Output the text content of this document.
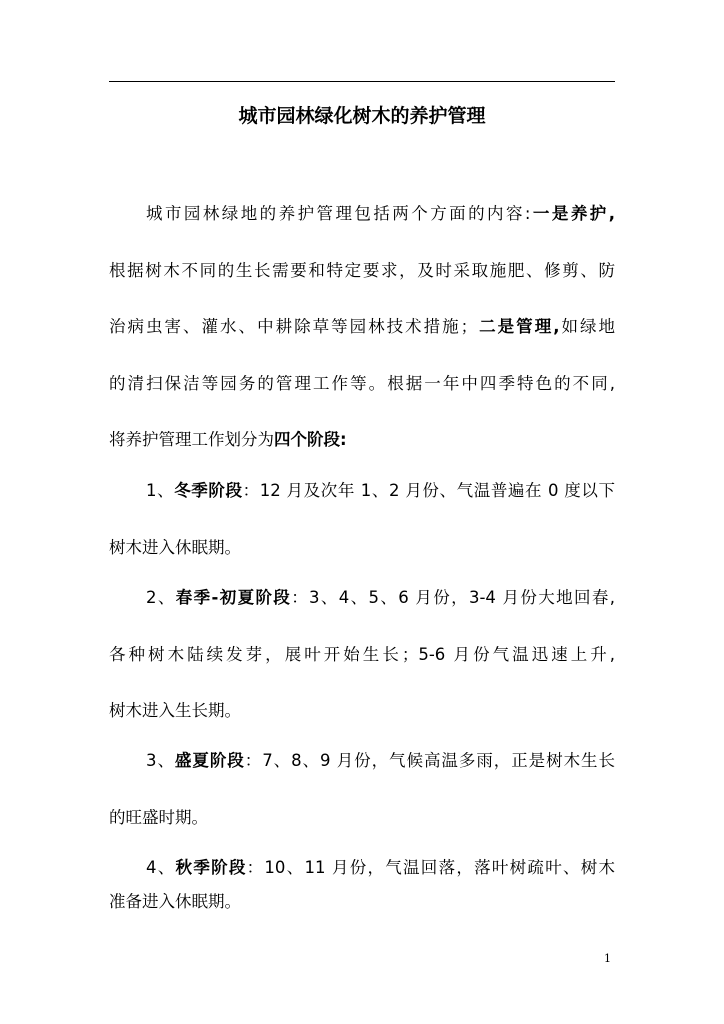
城市园林绿化树木的养护管理
城市园林绿地的养护管理包括两个方面的内容:一是养护,
根据树木不同的生长需要和特定要求，及时采取施肥、修剪、防
治病虫害、灌水、中耕除草等园林技术措施；二是管理,如绿地
的清扫保洁等园务的管理工作等。根据一年中四季特色的不同,
将养护管理工作划分为四个阶段:
1、冬季阶段：12 月及次年 1、2 月份、气温普遍在 0 度以下
树木进入休眠期。
2、春季-初夏阶段：3、4、5、6 月份，3-4 月份大地回春,
各种树木陆续发芽，展叶开始生长；5-6 月份气温迅速上升,
树木进入生长期。
3、盛夏阶段：7、8、9 月份，气候高温多雨，正是树木生长
的旺盛时期。
4、秋季阶段：10、11 月份，气温回落，落叶树疏叶、树木
准备进入休眠期。
1
